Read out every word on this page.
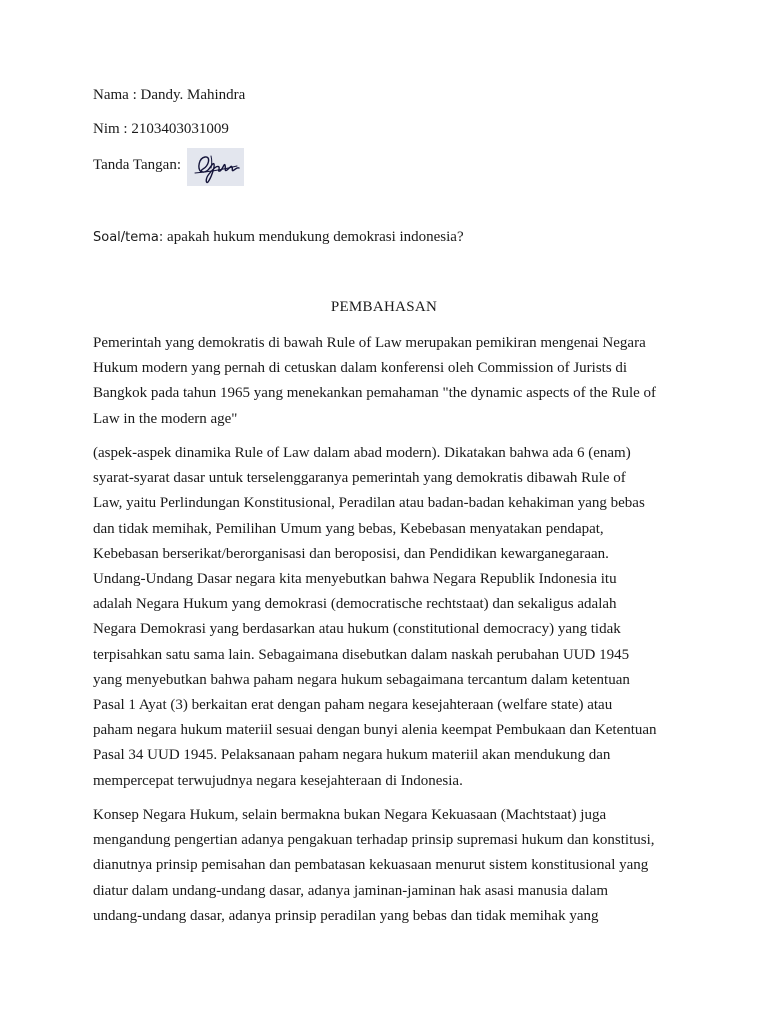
Nama : Dandy. Mahindra
Nim : 2103403031009
Tanda Tangan:
Soal/tema: apakah hukum mendukung demokrasi indonesia?
PEMBAHASAN
Pemerintah yang demokratis di bawah Rule of Law merupakan pemikiran mengenai Negara
Hukum modern yang pernah di cetuskan dalam konferensi oleh Commission of Jurists di
Bangkok pada tahun 1965 yang menekankan pemahaman "the dynamic aspects of the Rule of
Law in the modern age"
(aspek-aspek dinamika Rule of Law dalam abad modern). Dikatakan bahwa ada 6 (enam)
syarat-syarat dasar untuk terselenggaranya pemerintah yang demokratis dibawah Rule of
Law, yaitu Perlindungan Konstitusional, Peradilan atau badan-badan kehakiman yang bebas
dan tidak memihak, Pemilihan Umum yang bebas, Kebebasan menyatakan pendapat,
Kebebasan berserikat/berorganisasi dan beroposisi, dan Pendidikan kewarganegaraan.
Undang-Undang Dasar negara kita menyebutkan bahwa Negara Republik Indonesia itu
adalah Negara Hukum yang demokrasi (democratische rechtstaat) dan sekaligus adalah
Negara Demokrasi yang berdasarkan atau hukum (constitutional democracy) yang tidak
terpisahkan satu sama lain. Sebagaimana disebutkan dalam naskah perubahan UUD 1945
yang menyebutkan bahwa paham negara hukum sebagaimana tercantum dalam ketentuan
Pasal 1 Ayat (3) berkaitan erat dengan paham negara kesejahteraan (welfare state) atau
paham negara hukum materiil sesuai dengan bunyi alenia keempat Pembukaan dan Ketentuan
Pasal 34 UUD 1945. Pelaksanaan paham negara hukum materiil akan mendukung dan
mempercepat terwujudnya negara kesejahteraan di Indonesia.
Konsep Negara Hukum, selain bermakna bukan Negara Kekuasaan (Machtstaat) juga
mengandung pengertian adanya pengakuan terhadap prinsip supremasi hukum dan konstitusi,
dianutnya prinsip pemisahan dan pembatasan kekuasaan menurut sistem konstitusional yang
diatur dalam undang-undang dasar, adanya jaminan-jaminan hak asasi manusia dalam
undang-undang dasar, adanya prinsip peradilan yang bebas dan tidak memihak yang
